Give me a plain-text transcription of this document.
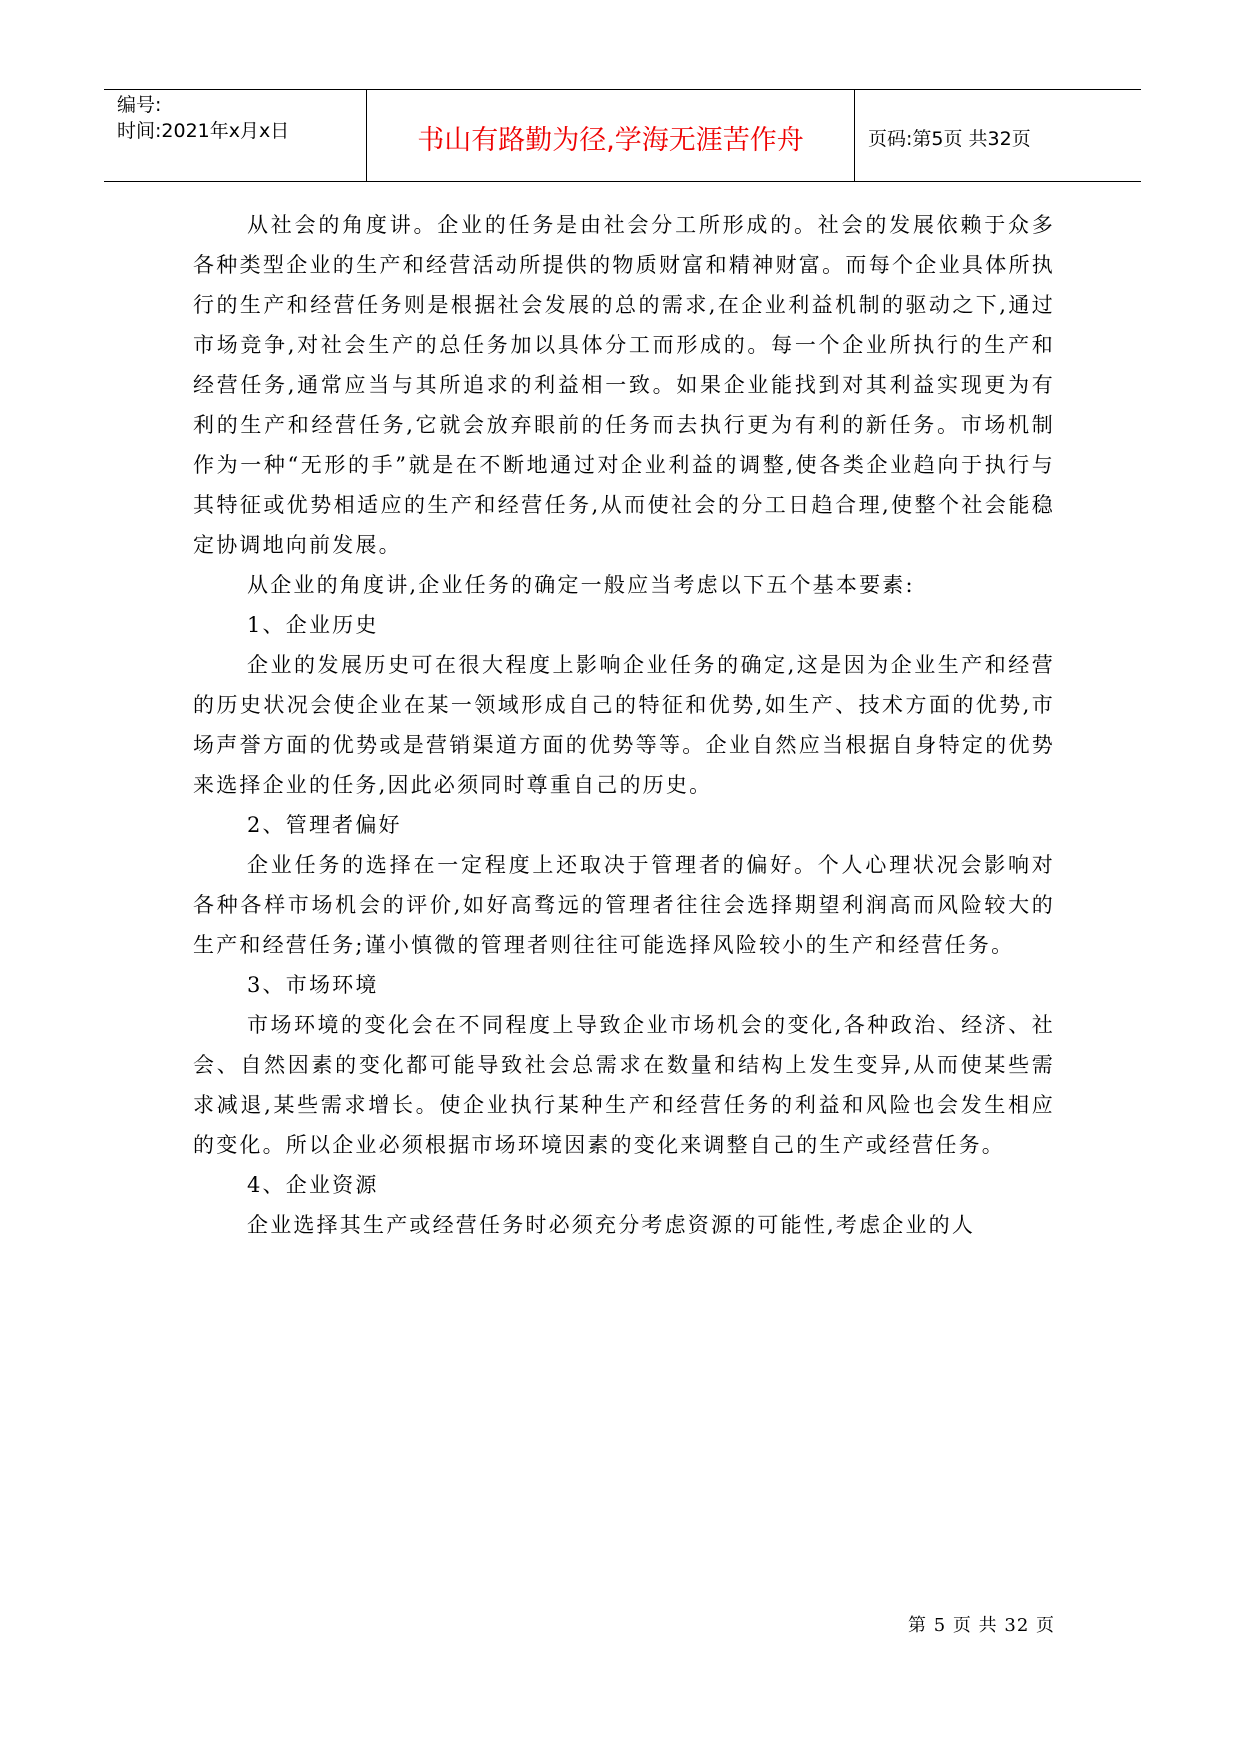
编号:
时间:2021年x月x日	书山有路勤为径,学海无涯苦作舟	页码:第5页 共32页

从社会的角度讲。企业的任务是由社会分工所形成的。社会的发展依赖于众多各种类型企业的生产和经营活动所提供的物质财富和精神财富。而每个企业具体所执行的生产和经营任务则是根据社会发展的总的需求,在企业利益机制的驱动之下,通过市场竞争,对社会生产的总任务加以具体分工而形成的。每一个企业所执行的生产和经营任务,通常应当与其所追求的利益相一致。如果企业能找到对其利益实现更为有利的生产和经营任务,它就会放弃眼前的任务而去执行更为有利的新任务。市场机制作为一种“无形的手”就是在不断地通过对企业利益的调整,使各类企业趋向于执行与其特征或优势相适应的生产和经营任务,从而使社会的分工日趋合理,使整个社会能稳定协调地向前发展。

从企业的角度讲,企业任务的确定一般应当考虑以下五个基本要素:

1、企业历史

企业的发展历史可在很大程度上影响企业任务的确定,这是因为企业生产和经营的历史状况会使企业在某一领域形成自己的特征和优势,如生产、技术方面的优势,市场声誉方面的优势或是营销渠道方面的优势等等。企业自然应当根据自身特定的优势来选择企业的任务,因此必须同时尊重自己的历史。

2、管理者偏好

企业任务的选择在一定程度上还取决于管理者的偏好。个人心理状况会影响对各种各样市场机会的评价,如好高骛远的管理者往往会选择期望利润高而风险较大的生产和经营任务;谨小慎微的管理者则往往可能选择风险较小的生产和经营任务。

3、市场环境

市场环境的变化会在不同程度上导致企业市场机会的变化,各种政治、经济、社会、自然因素的变化都可能导致社会总需求在数量和结构上发生变异,从而使某些需求减退,某些需求增长。使企业执行某种生产和经营任务的利益和风险也会发生相应的变化。所以企业必须根据市场环境因素的变化来调整自己的生产或经营任务。

4、企业资源

企业选择其生产或经营任务时必须充分考虑资源的可能性,考虑企业的人

第 5 页 共 32 页
